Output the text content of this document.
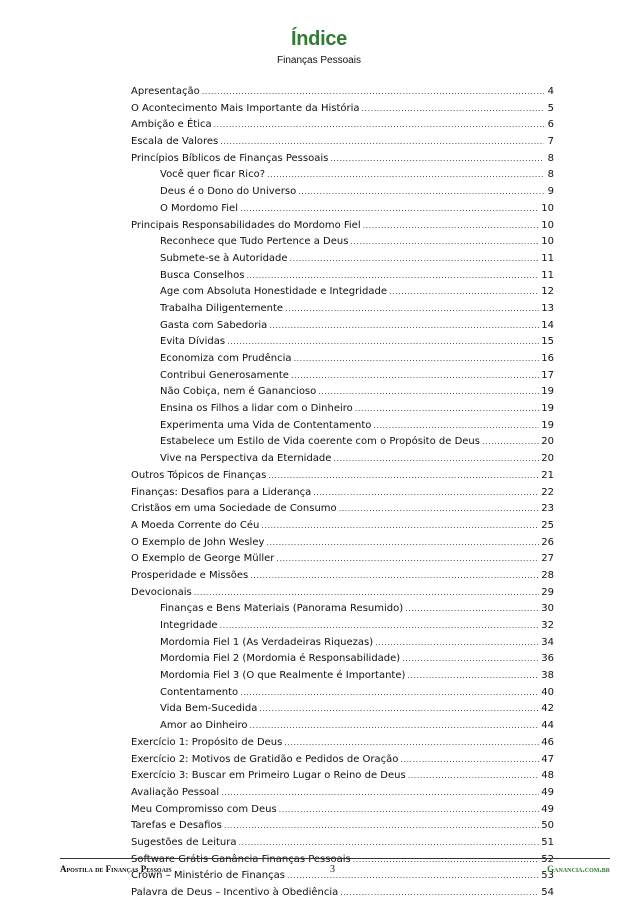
Índice
Finanças Pessoais
Apresentação .....	4
O Acontecimento Mais Importante da História .....	5
Ambição e Ética .....	6
Escala de Valores .....	7
Princípios Bíblicos de Finanças Pessoais .....	8
Você quer ficar Rico? .....	8
Deus é o Dono do Universo .....	9
O Mordomo Fiel .....	10
Principais Responsabilidades do Mordomo Fiel .....	10
Reconhece que Tudo Pertence a Deus .....	10
Submete-se à Autoridade .....	11
Busca Conselhos .....	11
Age com Absoluta Honestidade e Integridade .....	12
Trabalha Diligentemente .....	13
Gasta com Sabedoria .....	14
Evita Dívidas .....	15
Economiza com Prudência .....	16
Contribui Generosamente .....	17
Não Cobiça, nem é Ganancioso .....	19
Ensina os Filhos a lidar com o Dinheiro .....	19
Experimenta uma Vida de Contentamento .....	19
Estabelece um Estilo de Vida coerente com o Propósito de Deus .....	20
Vive na Perspectiva da Eternidade .....	20
Outros Tópicos de Finanças .....	21
Finanças: Desafios para a Liderança .....	22
Cristãos em uma Sociedade de Consumo .....	23
A Moeda Corrente do Céu .....	25
O Exemplo de John Wesley .....	26
O Exemplo de George Müller .....	27
Prosperidade e Missões .....	28
Devocionais .....	29
Finanças e Bens Materiais (Panorama Resumido) .....	30
Integridade .....	32
Mordomia Fiel 1 (As Verdadeiras Riquezas) .....	34
Mordomia Fiel 2 (Mordomia é Responsabilidade) .....	36
Mordomia Fiel 3 (O que Realmente é Importante) .....	38
Contentamento .....	40
Vida Bem-Sucedida .....	42
Amor ao Dinheiro .....	44
Exercício 1: Propósito de Deus .....	46
Exercício 2: Motivos de Gratidão e Pedidos de Oração .....	47
Exercício 3: Buscar em Primeiro Lugar o Reino de Deus .....	48
Avaliação Pessoal .....	49
Meu Compromisso com Deus .....	49
Tarefas e Desafios .....	50
Sugestões de Leitura .....	51
Software Grátis Ganância Finanças Pessoais .....	52
Crown – Ministério de Finanças .....	53
Palavra de Deus – Incentivo à Obediência .....	54
Apostila de Finanças Pessoais	3	Ganancia.com.br
